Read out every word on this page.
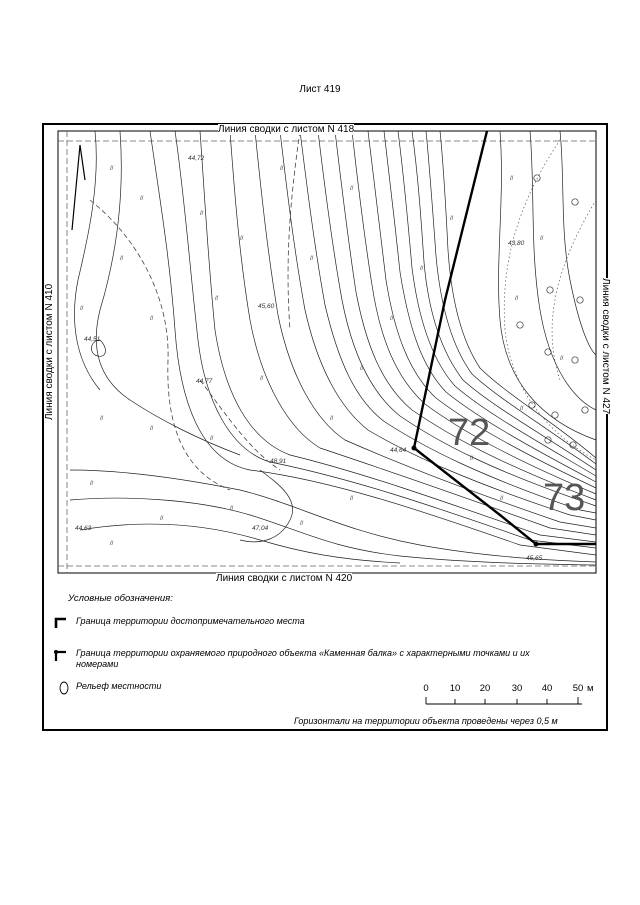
Лист 419
//
//
//
//
//
//
//
//
//
//
//
//
//
//
//
//
//
//
//
//
//
//
//
//
//
//
//
//
//
//
//
//
//
44,72
44,77
43,80
44,51
45,60
44,64
48,91
45,65
47,04
44,63
72
73
Линия сводки с листом N 418
Линия сводки с листом N 420
Линия сводки с листом N 410	Линия сводки с листом N 427
Условные обозначения:
Граница территории достопримечательного места
Граница территории охраняемого природного объекта «Каменная балка» с характерными точками и их номерами
Рельеф местности	0 10 20 30 40 50 м
Горизонтали на территории объекта проведены через 0,5 м
